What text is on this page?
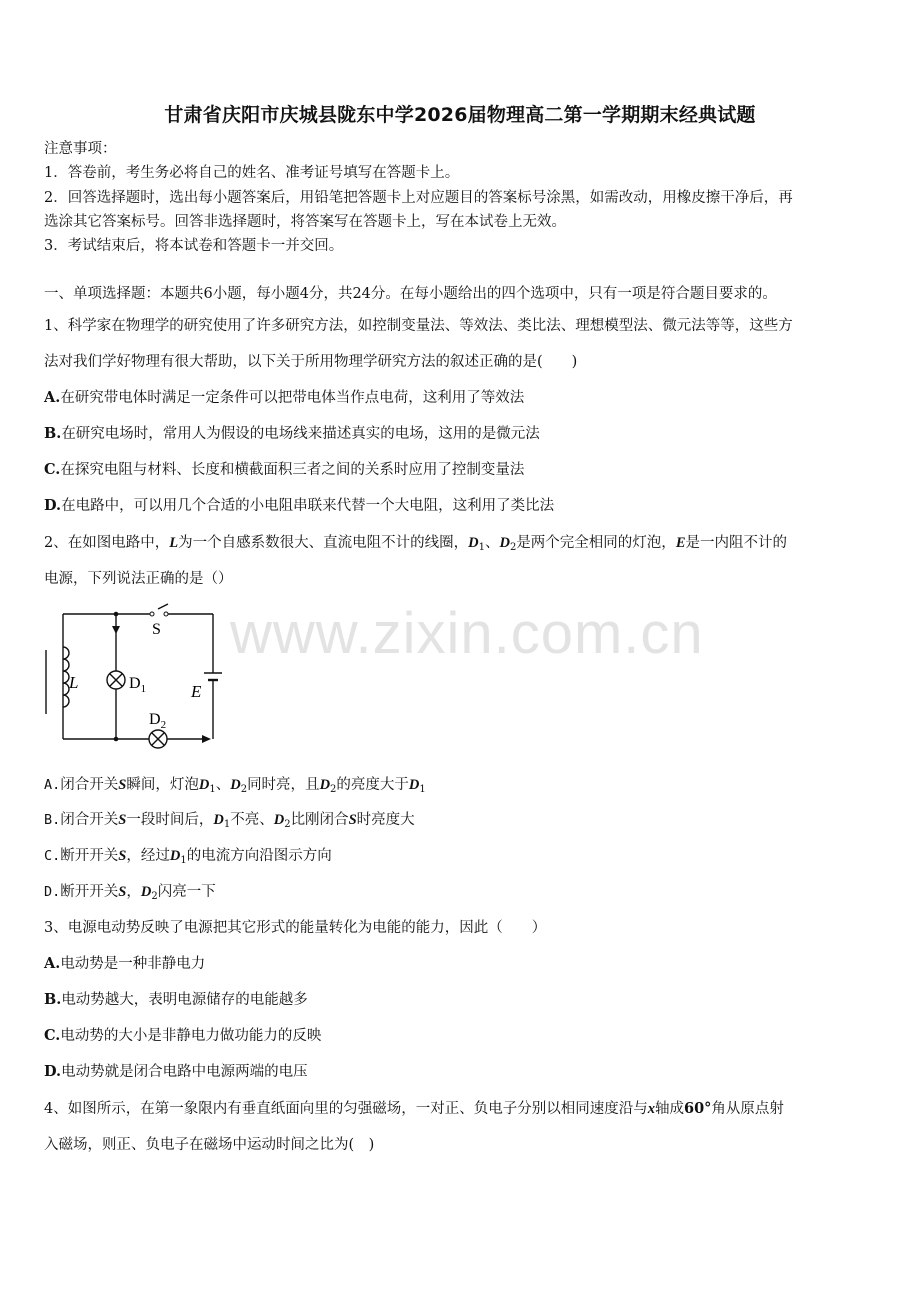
甘肃省庆阳市庆城县陇东中学2026届物理高二第一学期期末经典试题
注意事项：
1．答卷前，考生务必将自己的姓名、准考证号填写在答题卡上。
2．回答选择题时，选出每小题答案后，用铅笔把答题卡上对应题目的答案标号涂黑，如需改动，用橡皮擦干净后，再
选涂其它答案标号。回答非选择题时，将答案写在答题卡上，写在本试卷上无效。
3．考试结束后，将本试卷和答题卡一并交回。
一、单项选择题：本题共6小题，每小题4分，共24分。在每小题给出的四个选项中，只有一项是符合题目要求的。
1、科学家在物理学的研究使用了许多研究方法，如控制变量法、等效法、类比法、理想模型法、微元法等等，这些方
法对我们学好物理有很大帮助，以下关于所用物理学研究方法的叙述正确的是(　　)
A.在研究带电体时满足一定条件可以把带电体当作点电荷，这利用了等效法
B.在研究电场时，常用人为假设的电场线来描述真实的电场，这用的是微元法
C.在探究电阻与材料、长度和横截面积三者之间的关系时应用了控制变量法
D.在电路中，可以用几个合适的小电阻串联来代替一个大电阻，这利用了类比法
2、在如图电路中，L为一个自感系数很大、直流电阻不计的线圈，$D_1$、$D_2$是两个完全相同的灯泡，E是一内阻不计的
电源，下列说法正确的是（）
www.zixin.com.cn
S
L	$D_1$	E
$D_2$
A.闭合开关S瞬间，灯泡$D_1$、$D_2$同时亮，且$D_2$的亮度大于$D_1$
B.闭合开关S一段时间后，$D_1$不亮、$D_2$比刚闭合S时亮度大
C.断开开关S，经过$D_1$的电流方向沿图示方向
D.断开开关S，$D_2$闪亮一下
3、电源电动势反映了电源把其它形式的能量转化为电能的能力，因此（　　）
A.电动势是一种非静电力
B.电动势越大，表明电源储存的电能越多
C.电动势的大小是非静电力做功能力的反映
D.电动势就是闭合电路中电源两端的电压
4、如图所示，在第一象限内有垂直纸面向里的匀强磁场，一对正、负电子分别以相同速度沿与x轴成60°角从原点射
入磁场，则正、负电子在磁场中运动时间之比为(　)
